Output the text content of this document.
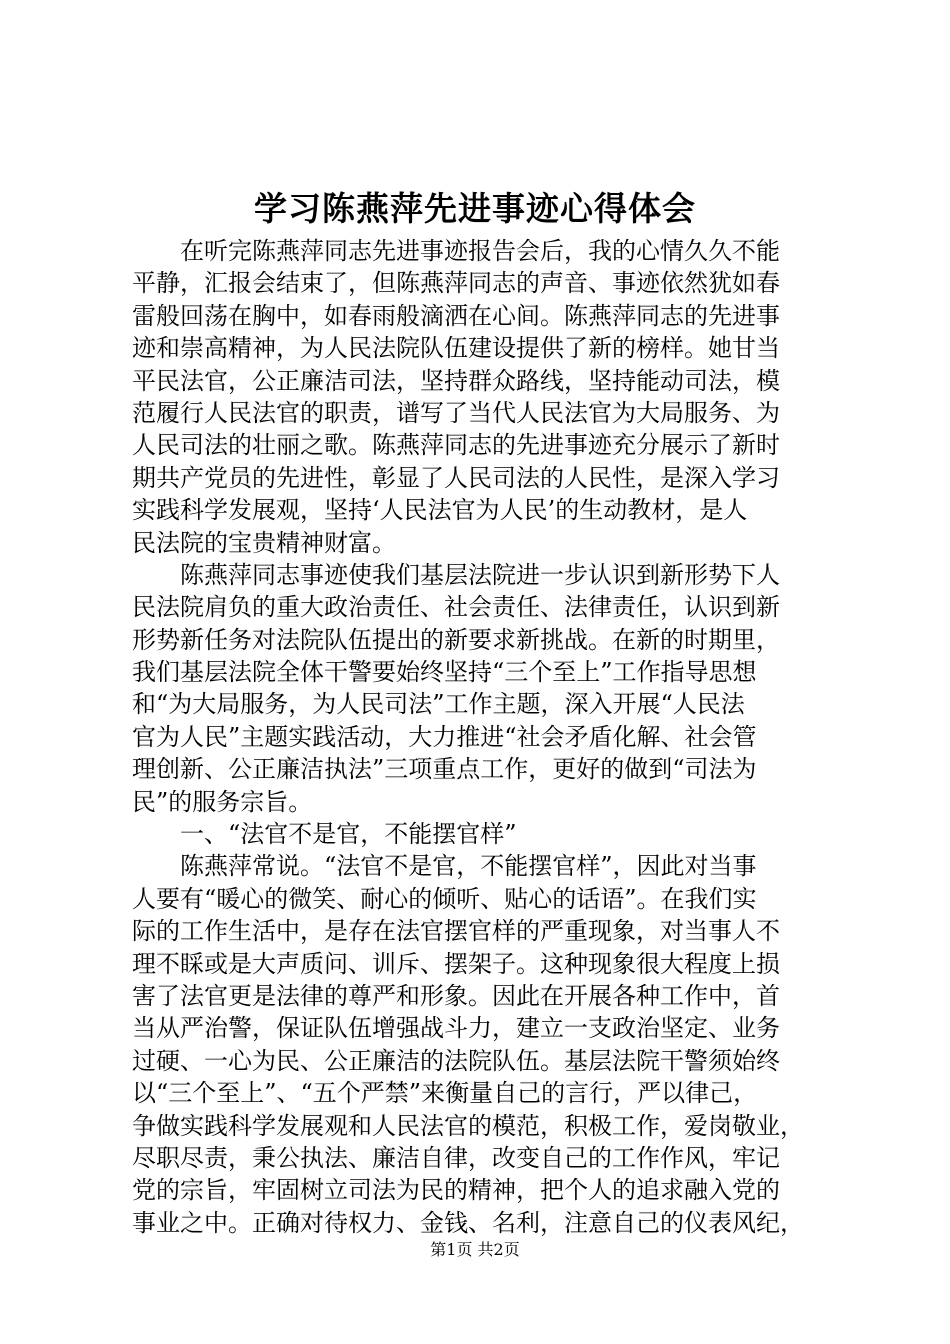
学习陈燕萍先进事迹心得体会
在听完陈燕萍同志先进事迹报告会后，我的心情久久不能
平静，汇报会结束了，但陈燕萍同志的声音、事迹依然犹如春
雷般回荡在胸中，如春雨般滴洒在心间。陈燕萍同志的先进事
迹和崇高精神，为人民法院队伍建设提供了新的榜样。她甘当
平民法官，公正廉洁司法，坚持群众路线，坚持能动司法，模
范履行人民法官的职责，谱写了当代人民法官为大局服务、为
人民司法的壮丽之歌。陈燕萍同志的先进事迹充分展示了新时
期共产党员的先进性，彰显了人民司法的人民性，是深入学习
实践科学发展观，坚持‘人民法官为人民’的生动教材，是人
民法院的宝贵精神财富。
陈燕萍同志事迹使我们基层法院进一步认识到新形势下人
民法院肩负的重大政治责任、社会责任、法律责任，认识到新
形势新任务对法院队伍提出的新要求新挑战。在新的时期里，
我们基层法院全体干警要始终坚持“三个至上”工作指导思想
和“为大局服务，为人民司法”工作主题，深入开展“人民法
官为人民”主题实践活动，大力推进“社会矛盾化解、社会管
理创新、公正廉洁执法”三项重点工作，更好的做到“司法为
民”的服务宗旨。
一、“法官不是官，不能摆官样”
陈燕萍常说。“法官不是官，不能摆官样”，因此对当事
人要有“暖心的微笑、耐心的倾听、贴心的话语”。在我们实
际的工作生活中，是存在法官摆官样的严重现象，对当事人不
理不睬或是大声质问、训斥、摆架子。这种现象很大程度上损
害了法官更是法律的尊严和形象。因此在开展各种工作中，首
当从严治警，保证队伍增强战斗力，建立一支政治坚定、业务
过硬、一心为民、公正廉洁的法院队伍。基层法院干警须始终
以“三个至上”、“五个严禁”来衡量自己的言行，严以律己，
争做实践科学发展观和人民法官的模范，积极工作，爱岗敬业，
尽职尽责，秉公执法、廉洁自律，改变自己的工作作风，牢记
党的宗旨，牢固树立司法为民的精神，把个人的追求融入党的
事业之中。正确对待权力、金钱、名利，注意自己的仪表风纪，
第1页 共2页
